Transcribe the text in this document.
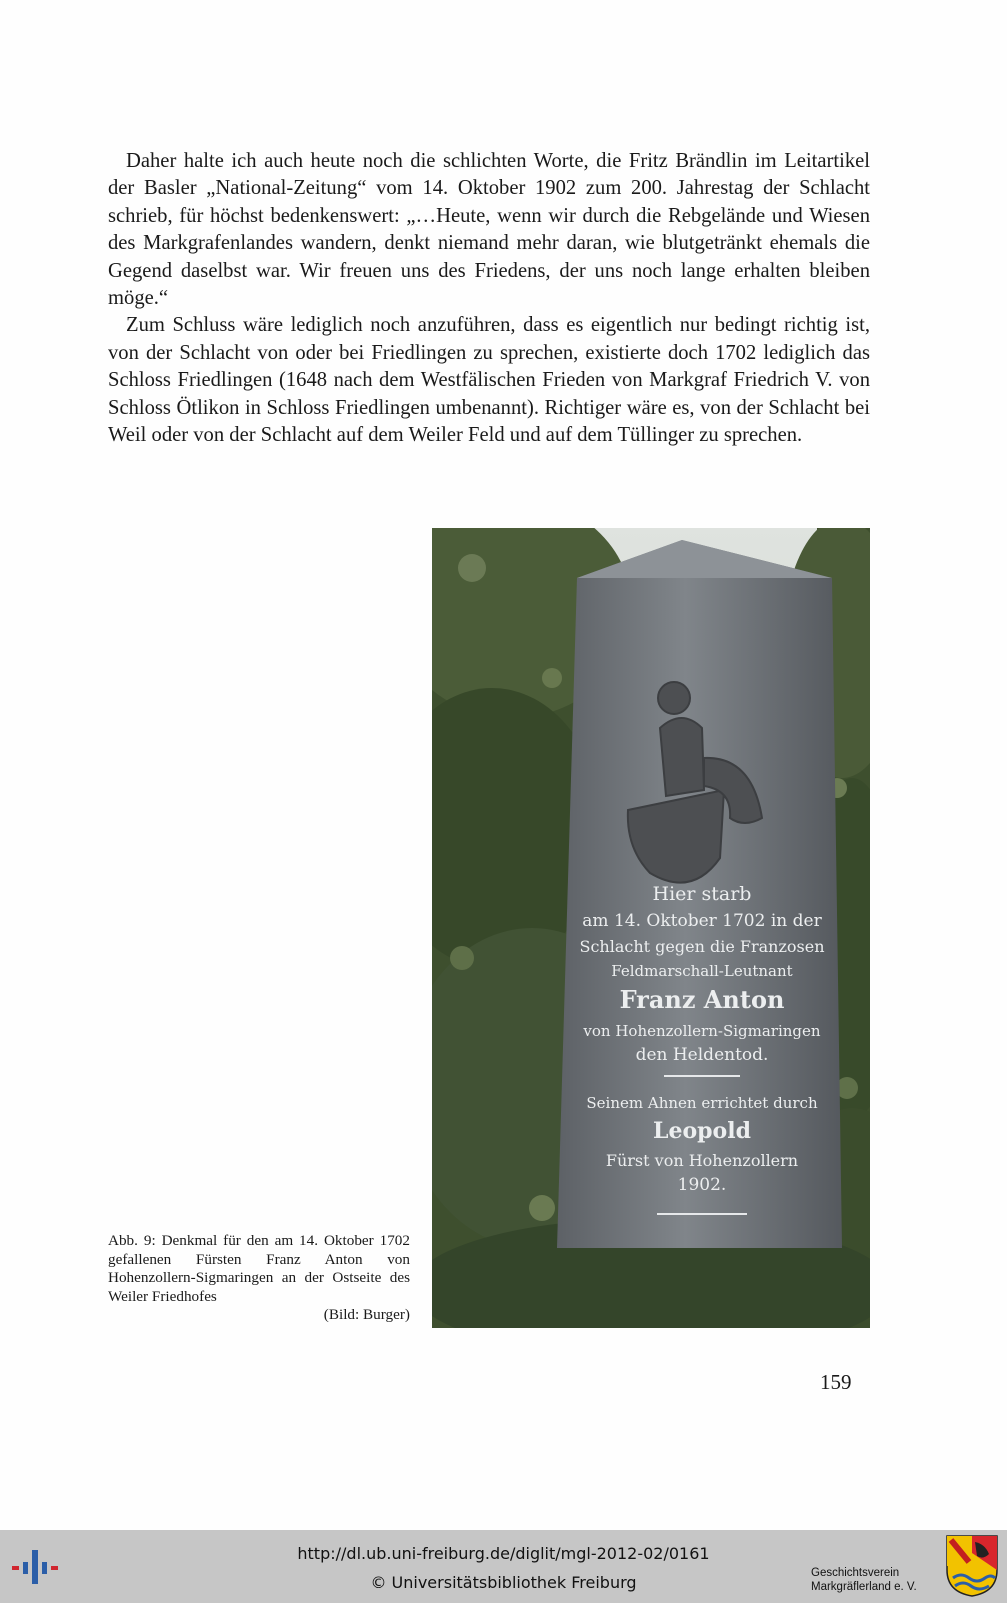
Daher halte ich auch heute noch die schlichten Worte, die Fritz Brändlin im Leitartikel der Basler „National-Zeitung“ vom 14. Oktober 1902 zum 200. Jahrestag der Schlacht schrieb, für höchst bedenkenswert: „…Heute, wenn wir durch die Rebgelände und Wiesen des Markgrafenlandes wandern, denkt niemand mehr daran, wie blutgetränkt ehemals die Gegend daselbst war. Wir freuen uns des Friedens, der uns noch lange erhalten bleiben möge.“

Zum Schluss wäre lediglich noch anzuführen, dass es eigentlich nur bedingt richtig ist, von der Schlacht von oder bei Friedlingen zu sprechen, existierte doch 1702 lediglich das Schloss Friedlingen (1648 nach dem Westfälischen Frieden von Markgraf Friedrich V. von Schloss Ötlikon in Schloss Friedlingen umbenannt). Richtiger wäre es, von der Schlacht bei Weil oder von der Schlacht auf dem Weiler Feld und auf dem Tüllinger zu sprechen.

Hier starb
am 14. Oktober 1702 in der
Schlacht gegen die Franzosen
Feldmarschall-Leutnant
Franz Anton
von Hohenzollern-Sigmaringen
den Heldentod.
Seinem Ahnen errichtet durch
Leopold
Fürst von Hohenzollern
1902.
Abb. 9: Denkmal für den am 14. Oktober 1702 gefallenen Fürsten Franz Anton von Hohenzollern-Sigmaringen an der Ostseite des Weiler Friedhofes
(Bild: Burger)
159
http://dl.ub.uni-freiburg.de/diglit/mgl-2012-02/0161
© Universitätsbibliothek Freiburg	Geschichtsverein
Markgräflerland e. V.
